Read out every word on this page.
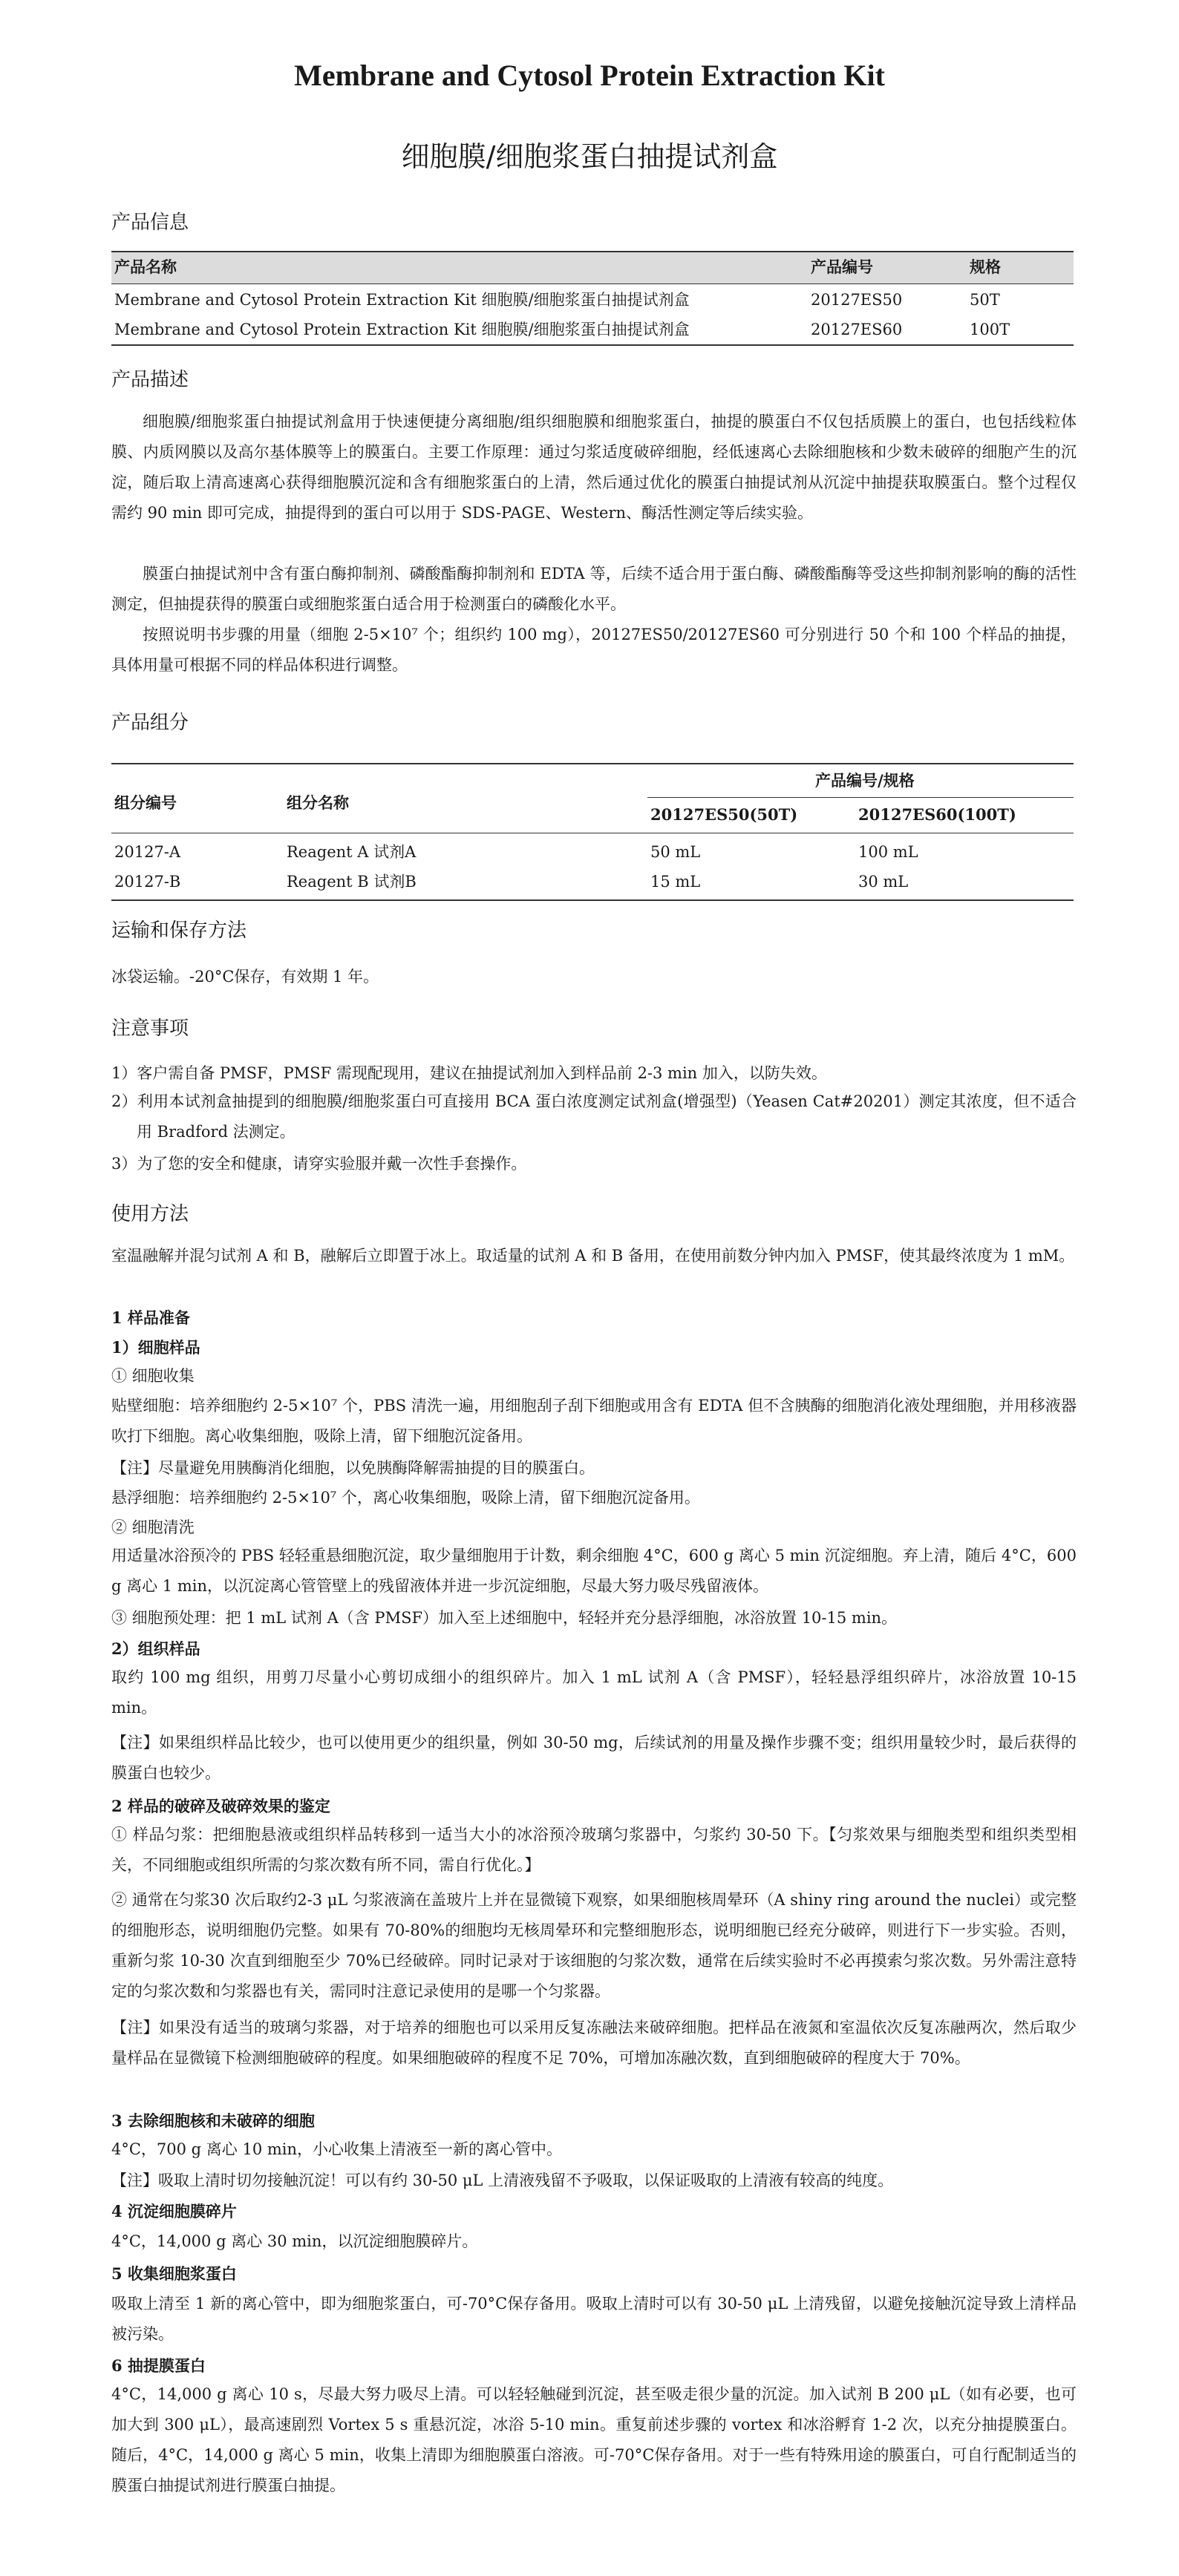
Membrane and Cytosol Protein Extraction Kit
细胞膜/细胞浆蛋白抽提试剂盒
产品信息
产品名称	产品编号	规格
Membrane and Cytosol Protein Extraction Kit 细胞膜/细胞浆蛋白抽提试剂盒	20127ES50	50T
Membrane and Cytosol Protein Extraction Kit 细胞膜/细胞浆蛋白抽提试剂盒	20127ES60	100T
产品描述
细胞膜/细胞浆蛋白抽提试剂盒用于快速便捷分离细胞/组织细胞膜和细胞浆蛋白，抽提的膜蛋白不仅包括质膜上的蛋白，也包括线粒体膜、内质网膜以及高尔基体膜等上的膜蛋白。主要工作原理：通过匀浆适度破碎细胞，经低速离心去除细胞核和少数未破碎的细胞产生的沉淀，随后取上清高速离心获得细胞膜沉淀和含有细胞浆蛋白的上清，然后通过优化的膜蛋白抽提试剂从沉淀中抽提获取膜蛋白。整个过程仅需约 90 min 即可完成，抽提得到的蛋白可以用于 SDS-PAGE、Western、酶活性测定等后续实验。
膜蛋白抽提试剂中含有蛋白酶抑制剂、磷酸酯酶抑制剂和 EDTA 等，后续不适合用于蛋白酶、磷酸酯酶等受这些抑制剂影响的酶的活性测定，但抽提获得的膜蛋白或细胞浆蛋白适合用于检测蛋白的磷酸化水平。
按照说明书步骤的用量（细胞 2-5×10⁷ 个；组织约 100 mg），20127ES50/20127ES60 可分别进行 50 个和 100 个样品的抽提，具体用量可根据不同的样品体积进行调整。
产品组分
组分编号	组分名称
产品编号/规格
20127ES50(50T)	20127ES60(100T)
20127-A	Reagent A 试剂A	50 mL	100 mL
20127-B	Reagent B 试剂B	15 mL	30 mL
运输和保存方法
冰袋运输。-20°C保存，有效期 1 年。
注意事项
1）客户需自备 PMSF，PMSF 需现配现用，建议在抽提试剂加入到样品前 2-3 min 加入，以防失效。
2）利用本试剂盒抽提到的细胞膜/细胞浆蛋白可直接用 BCA 蛋白浓度测定试剂盒(增强型)（Yeasen Cat#20201）测定其浓度，但不适合用 Bradford 法测定。
3）为了您的安全和健康，请穿实验服并戴一次性手套操作。
使用方法
室温融解并混匀试剂 A 和 B，融解后立即置于冰上。取适量的试剂 A 和 B 备用，在使用前数分钟内加入 PMSF，使其最终浓度为 1 mM。
1 样品准备
1）细胞样品
① 细胞收集
贴壁细胞：培养细胞约 2-5×10⁷ 个，PBS 清洗一遍，用细胞刮子刮下细胞或用含有 EDTA 但不含胰酶的细胞消化液处理细胞，并用移液器吹打下细胞。离心收集细胞，吸除上清，留下细胞沉淀备用。
【注】尽量避免用胰酶消化细胞，以免胰酶降解需抽提的目的膜蛋白。
悬浮细胞：培养细胞约 2-5×10⁷ 个，离心收集细胞，吸除上清，留下细胞沉淀备用。
② 细胞清洗
用适量冰浴预冷的 PBS 轻轻重悬细胞沉淀，取少量细胞用于计数，剩余细胞 4°C，600 g 离心 5 min 沉淀细胞。弃上清，随后 4°C，600 g 离心 1 min，以沉淀离心管管壁上的残留液体并进一步沉淀细胞，尽最大努力吸尽残留液体。
③ 细胞预处理：把 1 mL 试剂 A（含 PMSF）加入至上述细胞中，轻轻并充分悬浮细胞，冰浴放置 10-15 min。
2）组织样品
取约 100 mg 组织，用剪刀尽量小心剪切成细小的组织碎片。加入 1 mL 试剂 A（含 PMSF），轻轻悬浮组织碎片，冰浴放置 10-15 min。
【注】如果组织样品比较少，也可以使用更少的组织量，例如 30-50 mg，后续试剂的用量及操作步骤不变；组织用量较少时，最后获得的膜蛋白也较少。
2 样品的破碎及破碎效果的鉴定
① 样品匀浆：把细胞悬液或组织样品转移到一适当大小的冰浴预冷玻璃匀浆器中，匀浆约 30-50 下。【匀浆效果与细胞类型和组织类型相关，不同细胞或组织所需的匀浆次数有所不同，需自行优化。】
② 通常在匀浆30 次后取约2-3 μL 匀浆液滴在盖玻片上并在显微镜下观察，如果细胞核周晕环（A shiny ring around the nuclei）或完整的细胞形态，说明细胞仍完整。如果有 70-80%的细胞均无核周晕环和完整细胞形态，说明细胞已经充分破碎，则进行下一步实验。否则，重新匀浆 10-30 次直到细胞至少 70%已经破碎。同时记录对于该细胞的匀浆次数，通常在后续实验时不必再摸索匀浆次数。另外需注意特定的匀浆次数和匀浆器也有关，需同时注意记录使用的是哪一个匀浆器。
【注】如果没有适当的玻璃匀浆器，对于培养的细胞也可以采用反复冻融法来破碎细胞。把样品在液氮和室温依次反复冻融两次，然后取少量样品在显微镜下检测细胞破碎的程度。如果细胞破碎的程度不足 70%，可增加冻融次数，直到细胞破碎的程度大于 70%。
3 去除细胞核和未破碎的细胞
4°C，700 g 离心 10 min，小心收集上清液至一新的离心管中。
【注】吸取上清时切勿接触沉淀！可以有约 30-50 μL 上清液残留不予吸取，以保证吸取的上清液有较高的纯度。
4 沉淀细胞膜碎片
4°C，14,000 g 离心 30 min，以沉淀细胞膜碎片。
5 收集细胞浆蛋白
吸取上清至 1 新的离心管中，即为细胞浆蛋白，可-70°C保存备用。吸取上清时可以有 30-50 μL 上清残留，以避免接触沉淀导致上清样品被污染。
6 抽提膜蛋白
4°C，14,000 g 离心 10 s，尽最大努力吸尽上清。可以轻轻触碰到沉淀，甚至吸走很少量的沉淀。加入试剂 B 200 μL（如有必要，也可加大到 300 μL），最高速剧烈 Vortex 5 s 重悬沉淀，冰浴 5-10 min。重复前述步骤的 vortex 和冰浴孵育 1-2 次，以充分抽提膜蛋白。随后，4°C，14,000 g 离心 5 min，收集上清即为细胞膜蛋白溶液。可-70°C保存备用。对于一些有特殊用途的膜蛋白，可自行配制适当的膜蛋白抽提试剂进行膜蛋白抽提。
